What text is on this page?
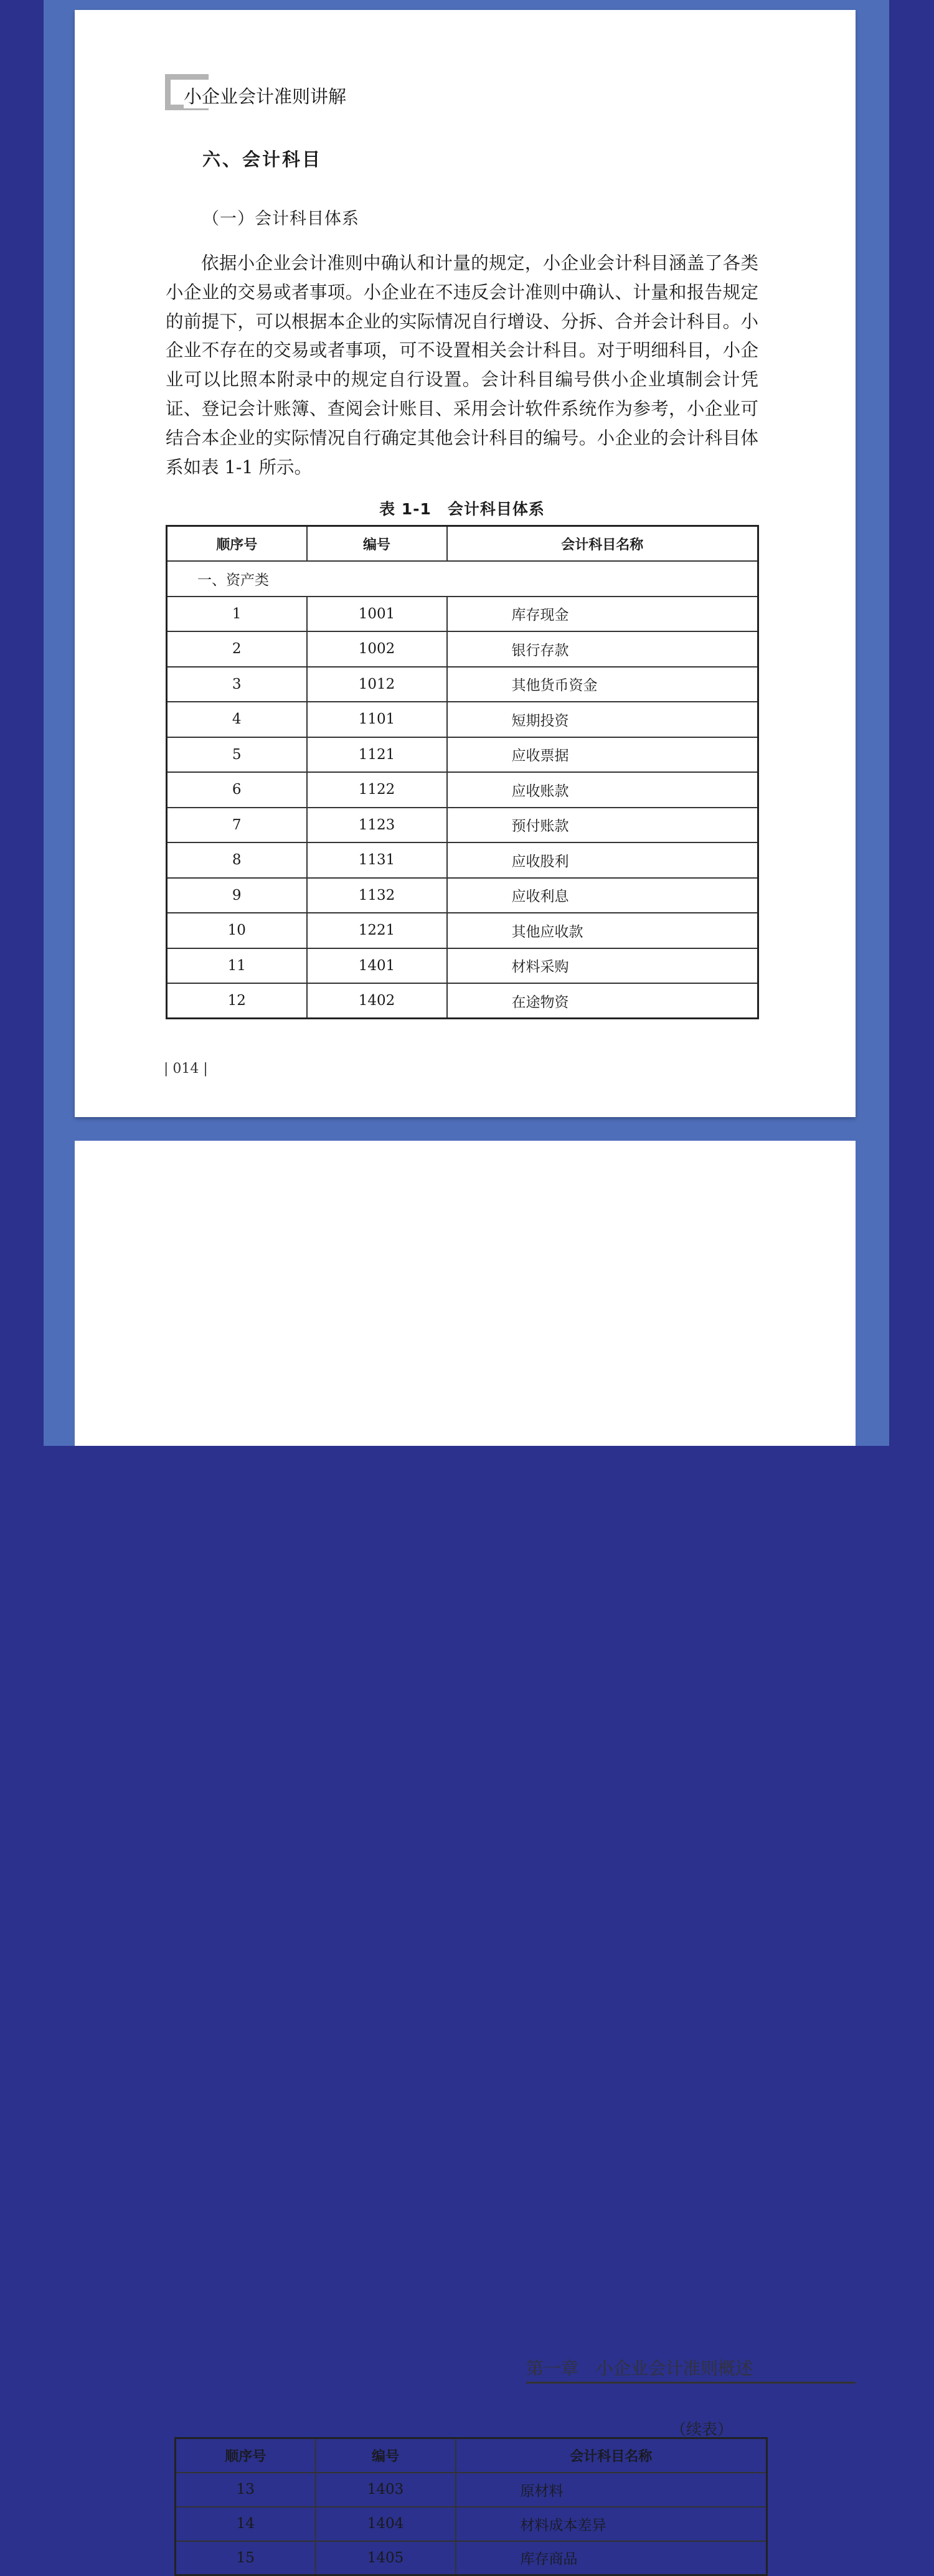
小企业会计准则讲解
六、会计科目
（一）会计科目体系

依据小企业会计准则中确认和计量的规定，小企业会计科目涵盖了各类小企业的交易或者事项。小企业在不违反会计准则中确认、计量和报告规定的前提下，可以根据本企业的实际情况自行增设、分拆、合并会计科目。小企业不存在的交易或者事项，可不设置相关会计科目。对于明细科目，小企业可以比照本附录中的规定自行设置。会计科目编号供小企业填制会计凭证、登记会计账簿、查阅会计账目、采用会计软件系统作为参考，小企业可结合本企业的实际情况自行确定其他会计科目的编号。小企业的会计科目体系如表 1-1 所示。

表 1-1　会计科目体系
顺序号	编号	会计科目名称
一、资产类		
1	1001	库存现金
2	1002	银行存款
3	1012	其他货币资金
4	1101	短期投资
5	1121	应收票据
6	1122	应收账款
7	1123	预付账款
8	1131	应收股利
9	1132	应收利息
10	1221	其他应收款
11	1401	材料采购
12	1402	在途物资
| 014 |
第一章 小企业会计准则概述
（续表）
顺序号	编号	会计科目名称
13	1403	原材料
14	1404	材料成本差异
15	1405	库存商品
